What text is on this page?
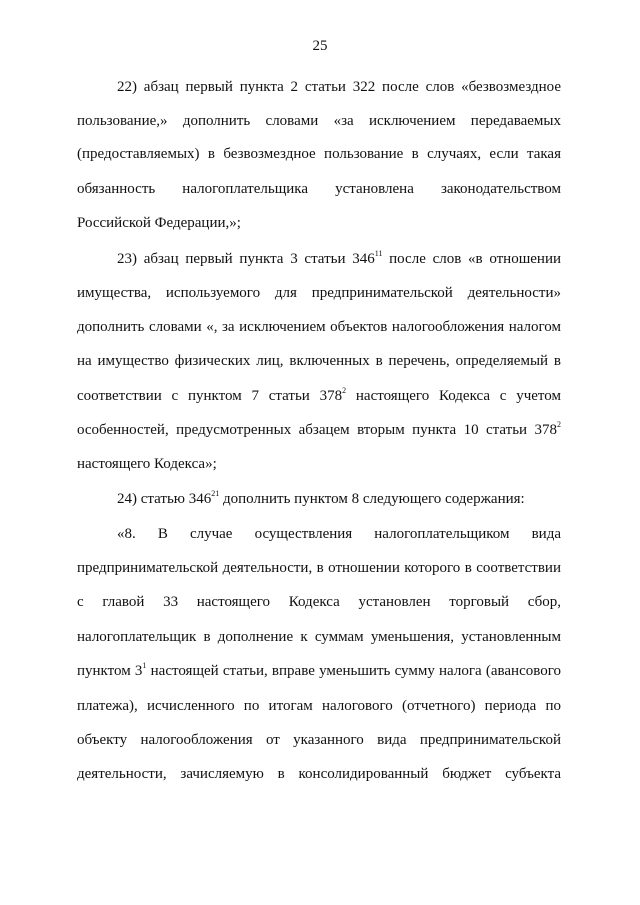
25
22) абзац первый пункта 2 статьи 322 после слов «безвозмездное
пользование,» дополнить словами «за исключением передаваемых
(предоставляемых) в безвозмездное пользование в случаях, если такая
обязанность налогоплательщика установлена законодательством
Российской Федерации,»;
23) абзац первый пункта 3 статьи $346^{11}$ после слов «в отношении
имущества, используемого для предпринимательской деятельности»
дополнить словами «, за исключением объектов налогообложения налогом
на имущество физических лиц, включенных в перечень, определяемый в
соответствии с пунктом 7 статьи $378^2$ настоящего Кодекса с учетом
особенностей, предусмотренных абзацем вторым пункта 10 статьи $378^2$
настоящего Кодекса»;
24) статью $346^{21}$ дополнить пунктом 8 следующего содержания:
«8. В случае осуществления налогоплательщиком вида
предпринимательской деятельности, в отношении которого в соответствии
с главой 33 настоящего Кодекса установлен торговый сбор,
налогоплательщик в дополнение к суммам уменьшения, установленным
пунктом $3^1$ настоящей статьи, вправе уменьшить сумму налога (авансового
платежа), исчисленного по итогам налогового (отчетного) периода по
объекту налогообложения от указанного вида предпринимательской
деятельности, зачисляемую в консолидированный бюджет субъекта
